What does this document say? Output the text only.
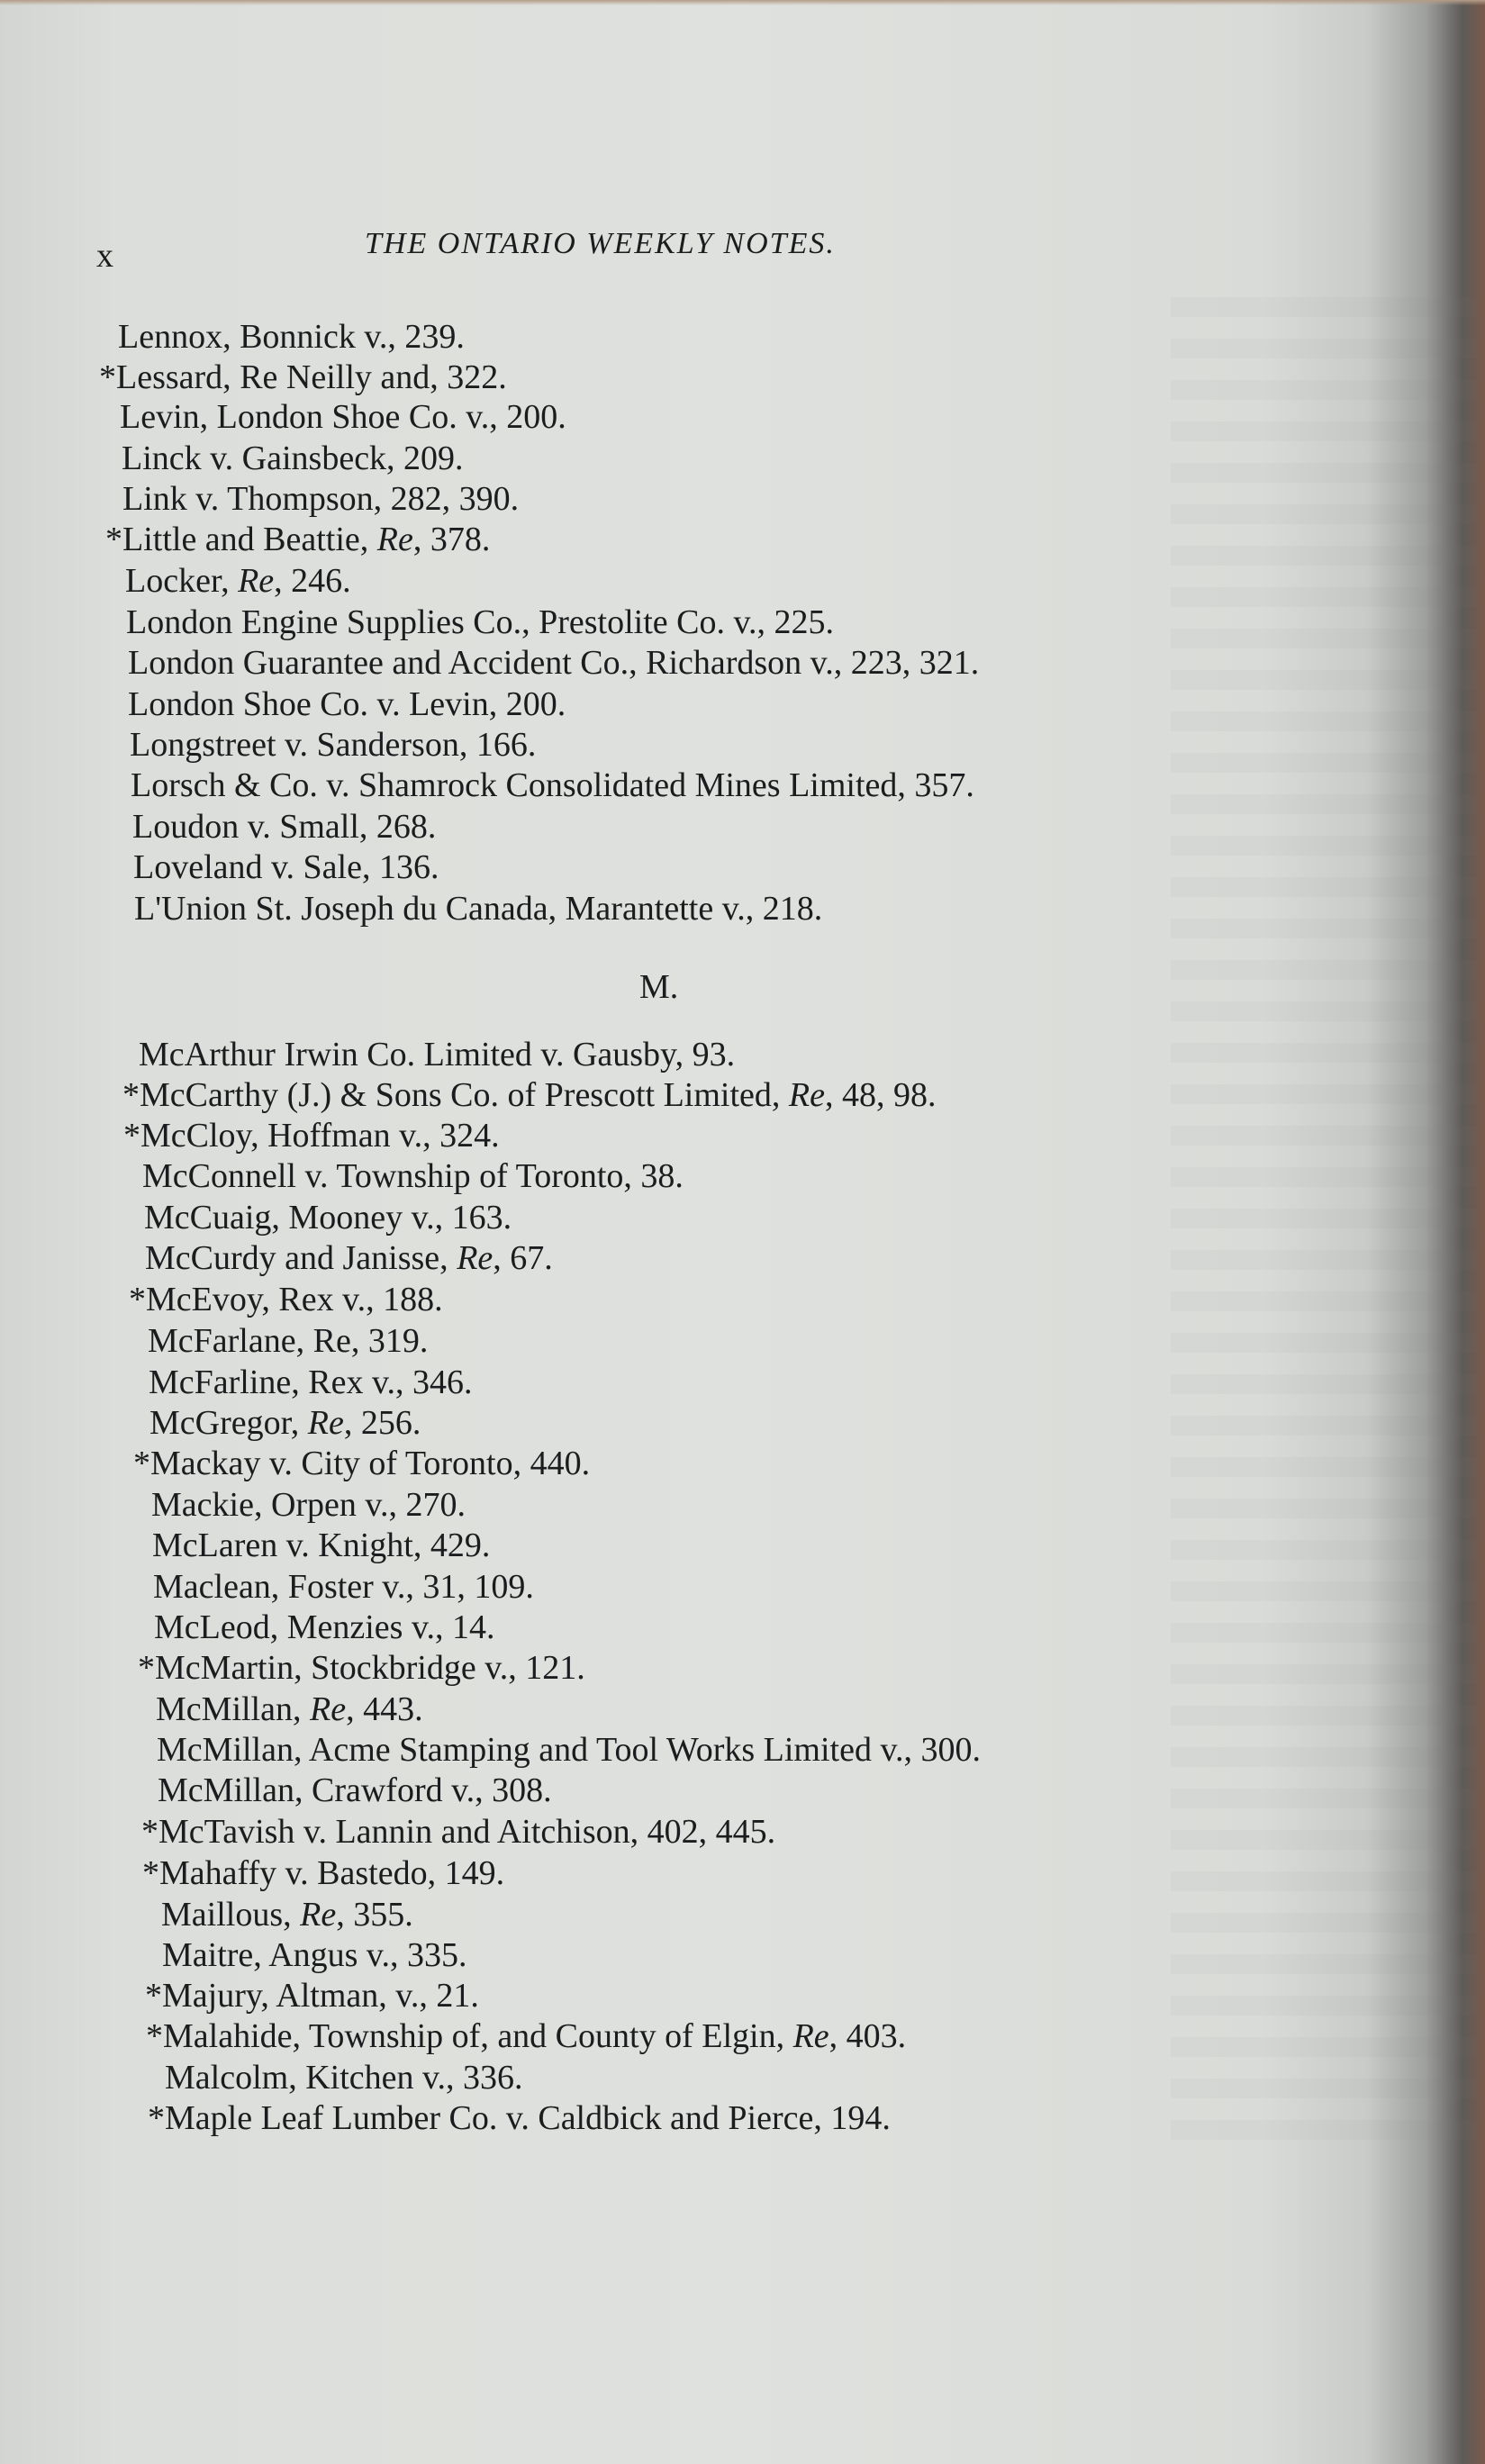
x	THE ONTARIO WEEKLY NOTES.
Lennox, Bonnick v., 239.
*Lessard, Re Neilly and, 322.
Levin, London Shoe Co. v., 200.
Linck v. Gainsbeck, 209.
Link v. Thompson, 282, 390.
*Little and Beattie, Re, 378.
Locker, Re, 246.
London Engine Supplies Co., Prestolite Co. v., 225.
London Guarantee and Accident Co., Richardson v., 223, 321.
London Shoe Co. v. Levin, 200.
Longstreet v. Sanderson, 166.
Lorsch & Co. v. Shamrock Consolidated Mines Limited, 357.
Loudon v. Small, 268.
Loveland v. Sale, 136.
L'Union St. Joseph du Canada, Marantette v., 218.
M.
McArthur Irwin Co. Limited v. Gausby, 93.
*McCarthy (J.) & Sons Co. of Prescott Limited, Re, 48, 98.
*McCloy, Hoffman v., 324.
McConnell v. Township of Toronto, 38.
McCuaig, Mooney v., 163.
McCurdy and Janisse, Re, 67.
*McEvoy, Rex v., 188.
McFarlane, Re, 319.
McFarline, Rex v., 346.
McGregor, Re, 256.
*Mackay v. City of Toronto, 440.
Mackie, Orpen v., 270.
McLaren v. Knight, 429.
Maclean, Foster v., 31, 109.
McLeod, Menzies v., 14.
*McMartin, Stockbridge v., 121.
McMillan, Re, 443.
McMillan, Acme Stamping and Tool Works Limited v., 300.
McMillan, Crawford v., 308.
*McTavish v. Lannin and Aitchison, 402, 445.
*Mahaffy v. Bastedo, 149.
Maillous, Re, 355.
Maitre, Angus v., 335.
*Majury, Altman, v., 21.
*Malahide, Township of, and County of Elgin, Re, 403.
Malcolm, Kitchen v., 336.
*Maple Leaf Lumber Co. v. Caldbick and Pierce, 194.
